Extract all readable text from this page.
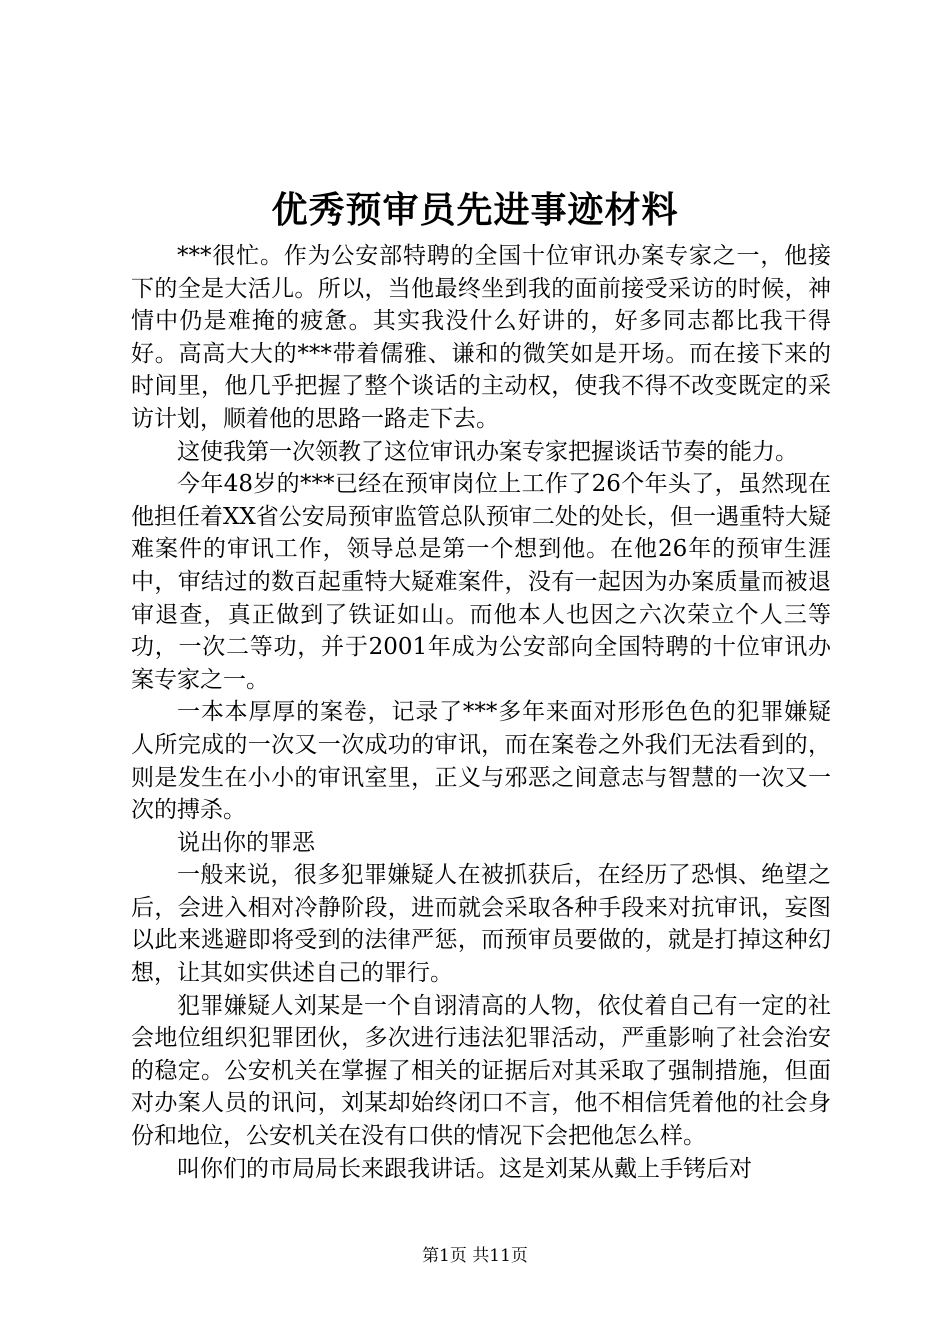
优秀预审员先进事迹材料

***很忙。作为公安部特聘的全国十位审讯办案专家之一，他接下的全是大活儿。所以，当他最终坐到我的面前接受采访的时候，神情中仍是难掩的疲惫。其实我没什么好讲的，好多同志都比我干得好。高高大大的***带着儒雅、谦和的微笑如是开场。而在接下来的时间里，他几乎把握了整个谈话的主动权，使我不得不改变既定的采访计划，顺着他的思路一路走下去。

这使我第一次领教了这位审讯办案专家把握谈话节奏的能力。

今年48岁的***已经在预审岗位上工作了26个年头了，虽然现在他担任着XX省公安局预审监管总队预审二处的处长，但一遇重特大疑难案件的审讯工作，领导总是第一个想到他。在他26年的预审生涯中，审结过的数百起重特大疑难案件，没有一起因为办案质量而被退审退查，真正做到了铁证如山。而他本人也因之六次荣立个人三等功，一次二等功，并于2001年成为公安部向全国特聘的十位审讯办案专家之一。

一本本厚厚的案卷，记录了***多年来面对形形色色的犯罪嫌疑人所完成的一次又一次成功的审讯，而在案卷之外我们无法看到的，则是发生在小小的审讯室里，正义与邪恶之间意志与智慧的一次又一次的搏杀。

说出你的罪恶

一般来说，很多犯罪嫌疑人在被抓获后，在经历了恐惧、绝望之后，会进入相对冷静阶段，进而就会采取各种手段来对抗审讯，妄图以此来逃避即将受到的法律严惩，而预审员要做的，就是打掉这种幻想，让其如实供述自己的罪行。

犯罪嫌疑人刘某是一个自诩清高的人物，依仗着自己有一定的社会地位组织犯罪团伙，多次进行违法犯罪活动，严重影响了社会治安的稳定。公安机关在掌握了相关的证据后对其采取了强制措施，但面对办案人员的讯问，刘某却始终闭口不言，他不相信凭着他的社会身份和地位，公安机关在没有口供的情况下会把他怎么样。

叫你们的市局局长来跟我讲话。这是刘某从戴上手铐后对

第1页 共11页
